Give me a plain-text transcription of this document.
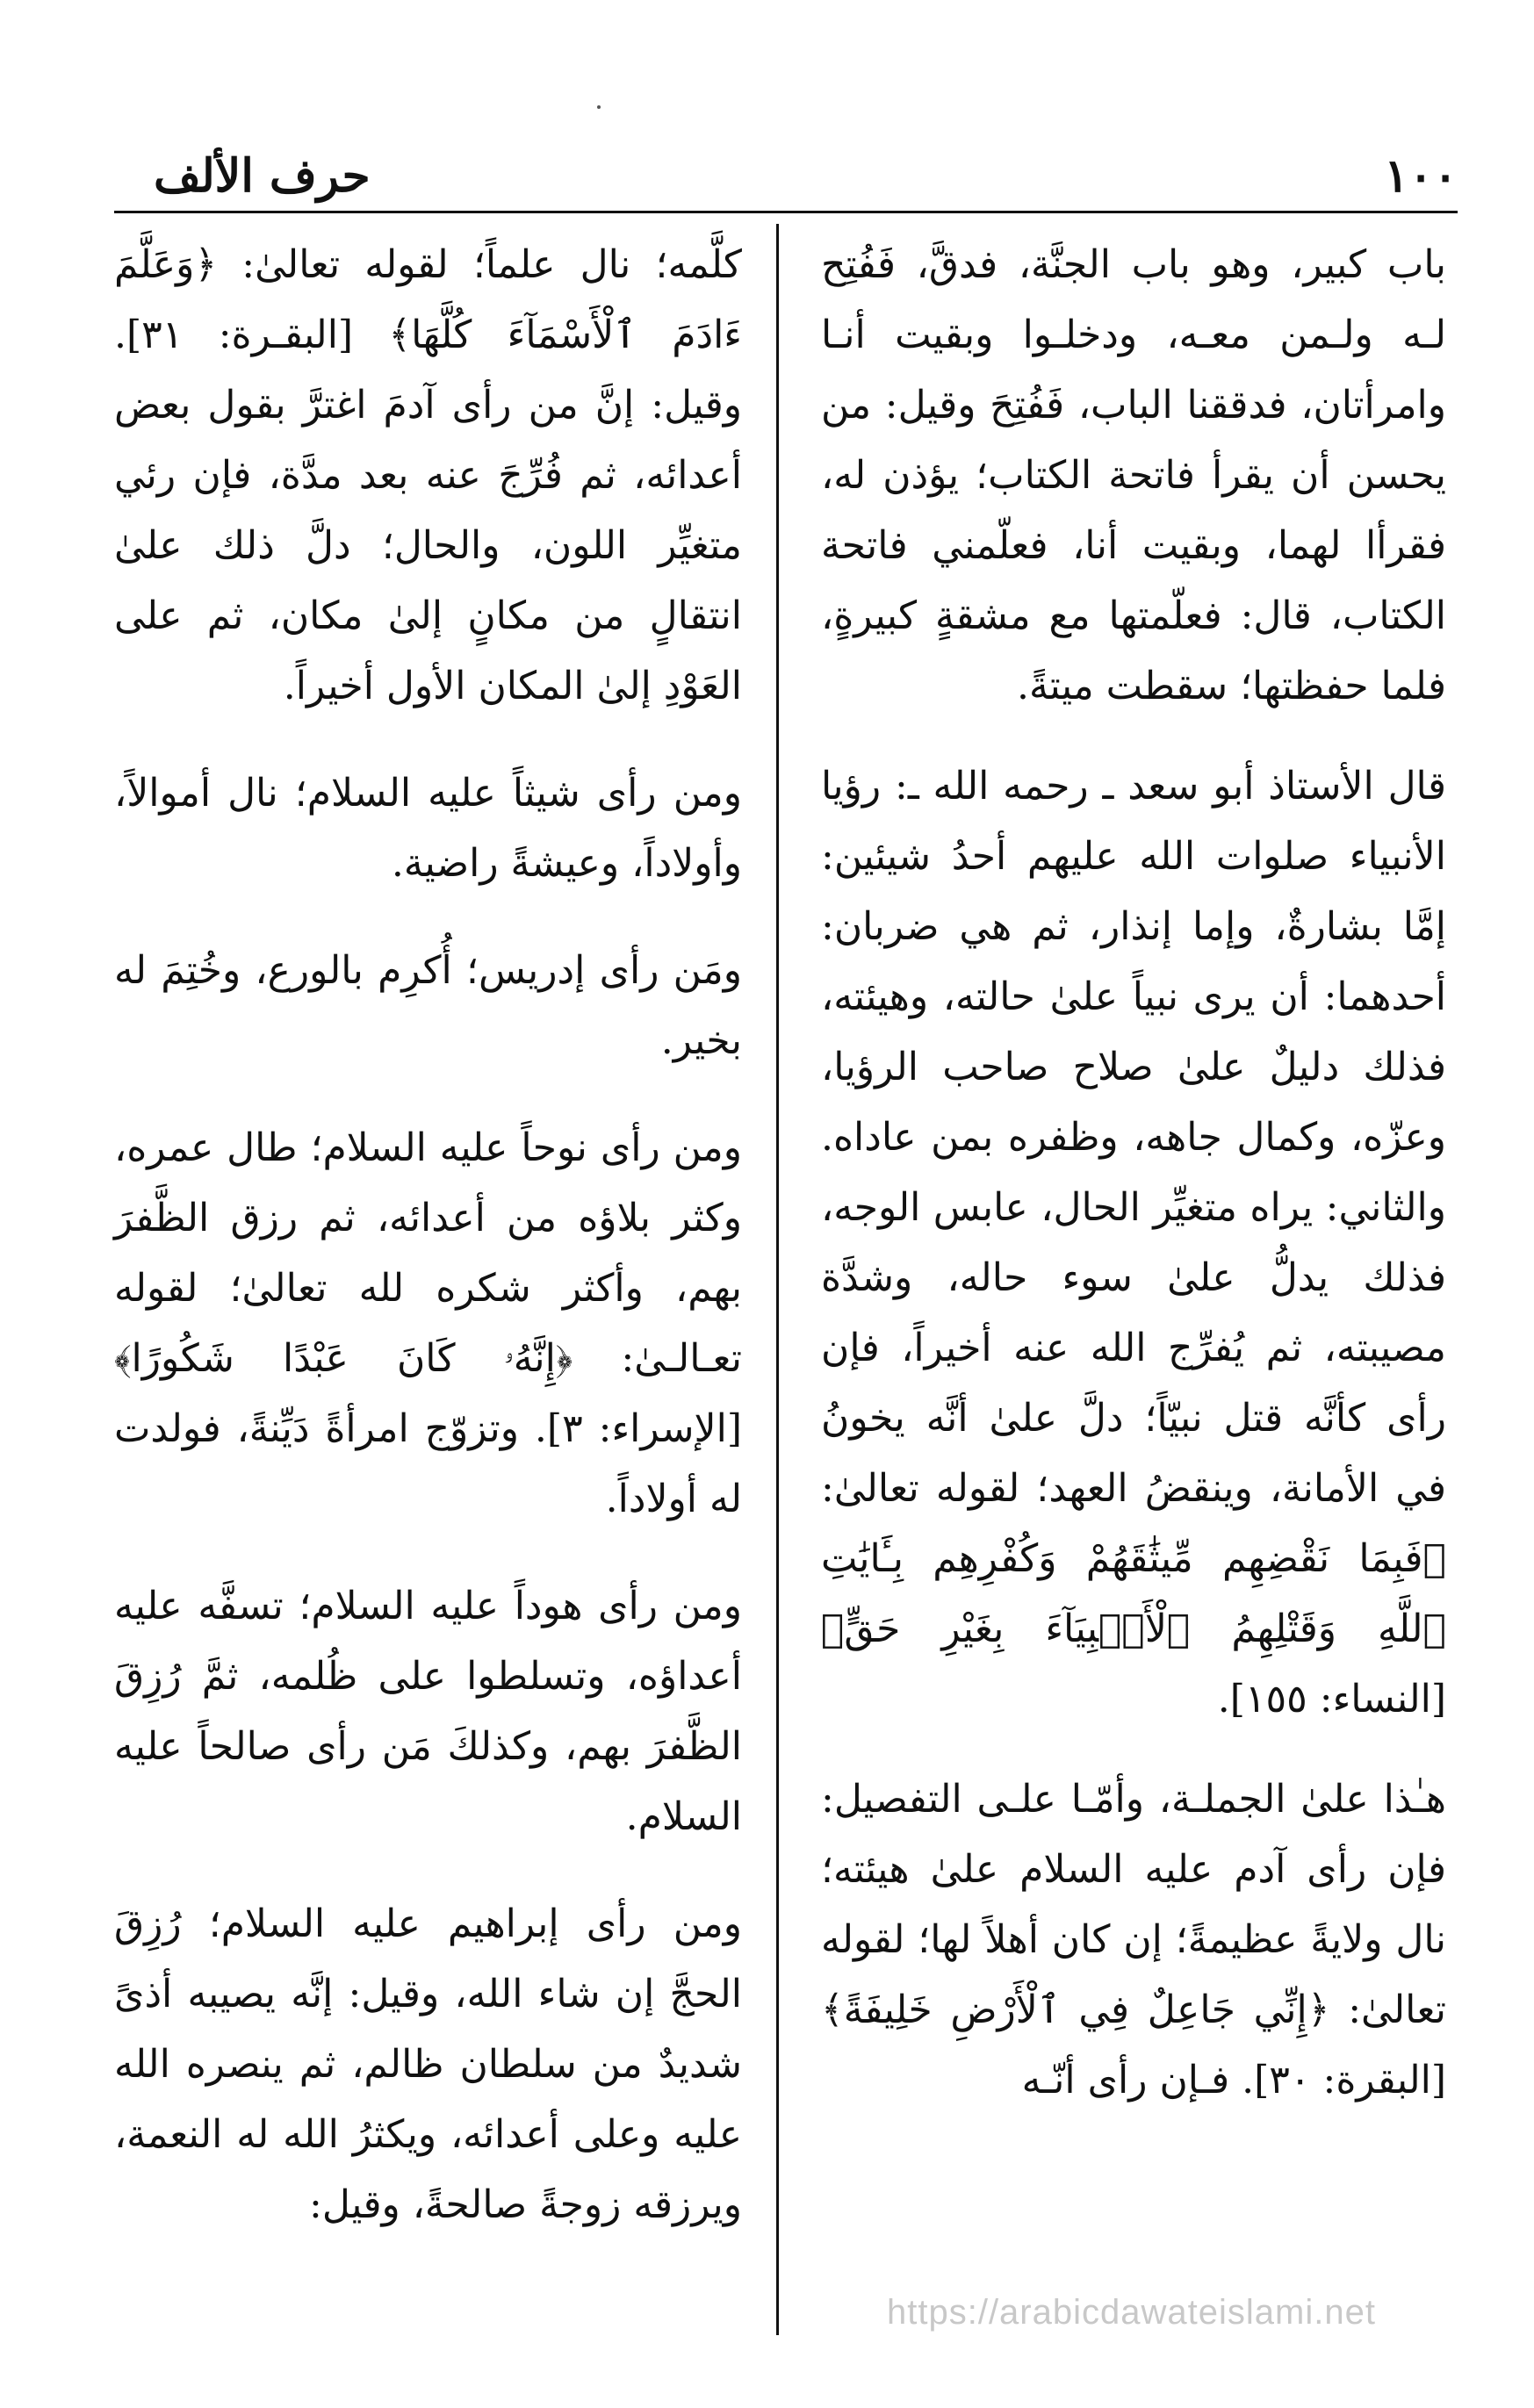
١٠٠
حرف الألف

باب كبير، وهو باب الجنَّة، فدقَّ، فَفُتِح لـه ولـمن معـه، ودخلـوا وبقيت أنـا وامرأتان، فدققنا الباب، فَفُتِحَ وقيل: من يحسن أن يقرأ فاتحة الكتاب؛ يؤذن له، فقرأا لهما، وبقيت أنا، فعلّمني فاتحة الكتاب، قال: فعلّمتها مع مشقةٍ كبيرةٍ، فلما حفظتها؛ سقطت ميتةً.

قال الأستاذ أبو سعد ـ رحمه الله ـ: رؤيا الأنبياء صلوات الله عليهم أحدُ شيئين: إمَّا بشارةٌ، وإما إنذار، ثم هي ضربان: أحدهما: أن يرى نبياً علىٰ حالته، وهيئته، فذلك دليلٌ علىٰ صلاح صاحب الرؤيا، وعزّه، وكمال جاهه، وظفره بمن عاداه. والثاني: يراه متغيِّر الحال، عابس الوجه، فذلك يدلُّ علىٰ سوء حاله، وشدَّة مصيبته، ثم يُفرِّج الله عنه أخيراً، فإن رأى كأنَّه قتل نبيّاً؛ دلَّ علىٰ أنَّه يخونُ في الأمانة، وينقضُ العهد؛ لقوله تعالىٰ: ﴿فَبِمَا نَقْضِهِم مِّيثَٰقَهُمْ وَكُفْرِهِم بِـَٔايَٰتِ ٱللَّهِ وَقَتْلِهِمُ ٱلْأَنۢبِيَآءَ بِغَيْرِ حَقٍّ﴾ [النساء: ١٥٥].

هـٰذا علىٰ الجملـة، وأمّـا علـى التفصيل: فإن رأى آدم عليه السلام علىٰ هيئته؛ نال ولايةً عظيمةً؛ إن كان أهلاً لها؛ لقوله تعالىٰ: ﴿إِنِّي جَاعِلٌ فِي ٱلْأَرْضِ خَلِيفَةً﴾ [البقرة: ٣٠]. فـإن رأى أنّـه

كلَّمه؛ نال علماً؛ لقوله تعالىٰ: ﴿وَعَلَّمَ ءَادَمَ ٱلْأَسْمَآءَ كُلَّهَا﴾ [البقـرة: ٣١]. وقيل: إنَّ من رأى آدمَ اغترَّ بقول بعض أعدائه، ثم فُرِّجَ عنه بعد مدَّة، فإن رئي متغيِّر اللون، والحال؛ دلَّ ذلك علىٰ انتقالٍ من مكانٍ إلىٰ مكان، ثم على العَوْدِ إلىٰ المكان الأول أخيراً.

ومن رأى شيثاً عليه السلام؛ نال أموالاً، وأولاداً، وعيشةً راضية.

ومَن رأى إدريس؛ أُكرِم بالورع، وخُتِمَ له بخير.

ومن رأى نوحاً عليه السلام؛ طال عمره، وكثر بلاؤه من أعدائه، ثم رزق الظَّفرَ بهم، وأكثر شكره لله تعالىٰ؛ لقوله تعـالـىٰ: ﴿إِنَّهُۥ كَانَ عَبْدًا شَكُورًا﴾ [الإسراء: ٣]. وتزوّج امرأةً دَيِّنةً، فولدت له أولاداً.

ومن رأى هوداً عليه السلام؛ تسفَّه عليه أعداؤه، وتسلطوا على ظُلمه، ثمَّ رُزِقَ الظَّفرَ بهم، وكذلكَ مَن رأى صالحاً عليه السلام.

ومن رأى إبراهيم عليه السلام؛ رُزِقَ الحجَّ إن شاء الله، وقيل: إنَّه يصيبه أذىً شديدٌ من سلطان ظالم، ثم ينصره الله عليه وعلى أعدائه، ويكثرُ الله له النعمة، ويرزقه زوجةً صالحةً، وقيل:

https://arabicdawateislami.net
